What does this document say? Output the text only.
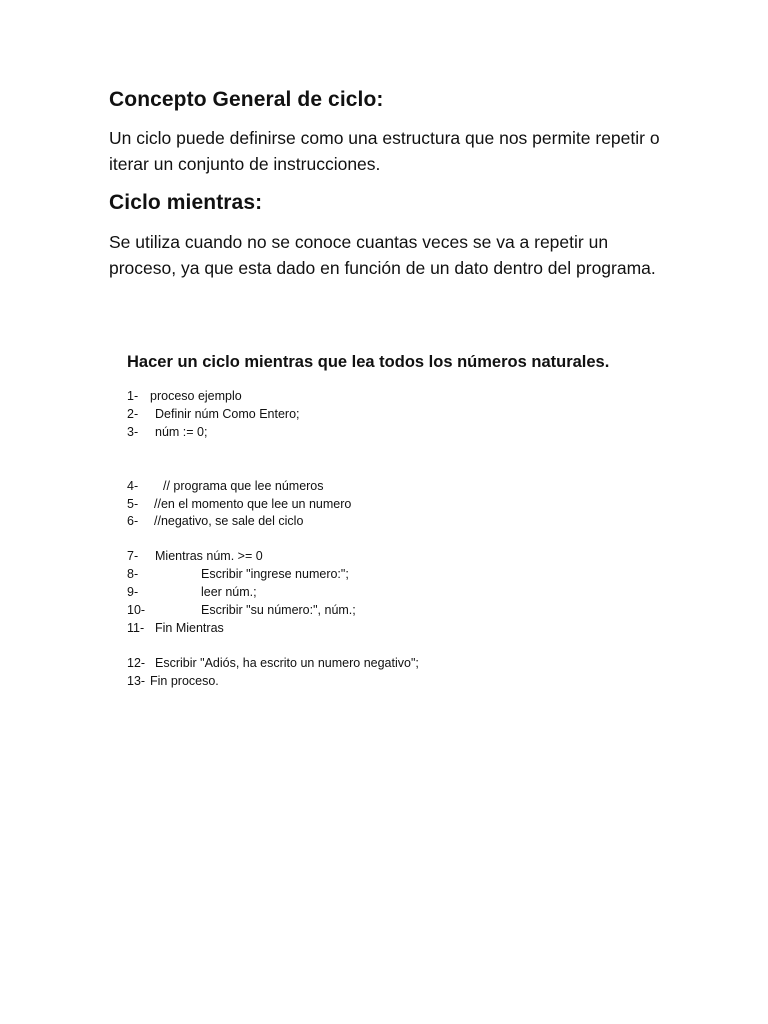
Concepto General de ciclo:

Un ciclo puede definirse como una estructura que nos permite repetir o iterar un conjunto de instrucciones.

Ciclo mientras:

Se utiliza cuando no se conoce cuantas veces se va a repetir un proceso, ya que esta dado en función de un dato dentro del programa.

Hacer un ciclo mientras que lea todos los números naturales.
1- proceso ejemplo
2- Definir núm Como Entero;
3- núm := 0;
4- // programa que lee números
5- //en el momento que lee un numero
6- //negativo, se sale del ciclo
7- Mientras núm. >= 0
8-	Escribir "ingrese numero:";
9-	leer núm.;
10-	Escribir "su número:", núm.;
11- Fin Mientras
12- Escribir "Adiós, ha escrito un numero negativo";
13- Fin proceso.
